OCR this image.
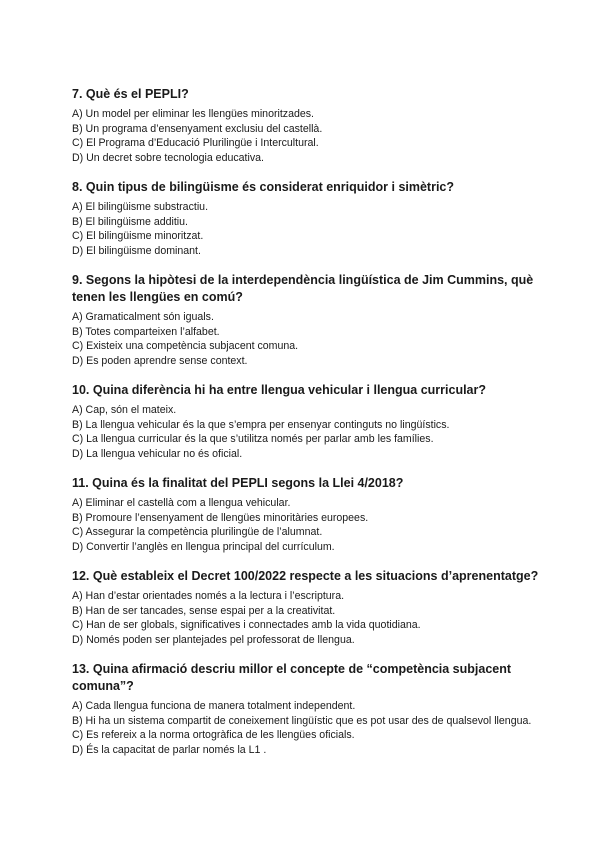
7. Què és el PEPLI?
A) Un model per eliminar les llengües minoritzades.
B) Un programa d’ensenyament exclusiu del castellà.
C) El Programa d’Educació Plurilingüe i Intercultural.
D) Un decret sobre tecnologia educativa.
8. Quin tipus de bilingüisme és considerat enriquidor i simètric?
A) El bilingüisme substractiu.
B) El bilingüisme additiu.
C) El bilingüisme minoritzat.
D) El bilingüisme dominant.
9. Segons la hipòtesi de la interdependència lingüística de Jim Cummins, què tenen les llengües en comú?
A) Gramaticalment són iguals.
B) Totes comparteixen l’alfabet.
C) Existeix una competència subjacent comuna.
D) Es poden aprendre sense context.
10. Quina diferència hi ha entre llengua vehicular i llengua curricular?
A) Cap, són el mateix.
B) La llengua vehicular és la que s’empra per ensenyar continguts no lingüístics.
C) La llengua curricular és la que s’utilitza només per parlar amb les famílies.
D) La llengua vehicular no és oficial.
11. Quina és la finalitat del PEPLI segons la Llei 4/2018?
A) Eliminar el castellà com a llengua vehicular.
B) Promoure l’ensenyament de llengües minoritàries europees.
C) Assegurar la competència plurilingüe de l’alumnat.
D) Convertir l’anglès en llengua principal del currículum.
12. Què estableix el Decret 100/2022 respecte a les situacions d’aprenentatge?
A) Han d’estar orientades només a la lectura i l’escriptura.
B) Han de ser tancades, sense espai per a la creativitat.
C) Han de ser globals, significatives i connectades amb la vida quotidiana.
D) Només poden ser plantejades pel professorat de llengua.
13. Quina afirmació descriu millor el concepte de “competència subjacent comuna”?
A) Cada llengua funciona de manera totalment independent.
B) Hi ha un sistema compartit de coneixement lingüístic que es pot usar des de qualsevol llengua.
C) Es refereix a la norma ortogràfica de les llengües oficials.
D) És la capacitat de parlar només la L1 .
